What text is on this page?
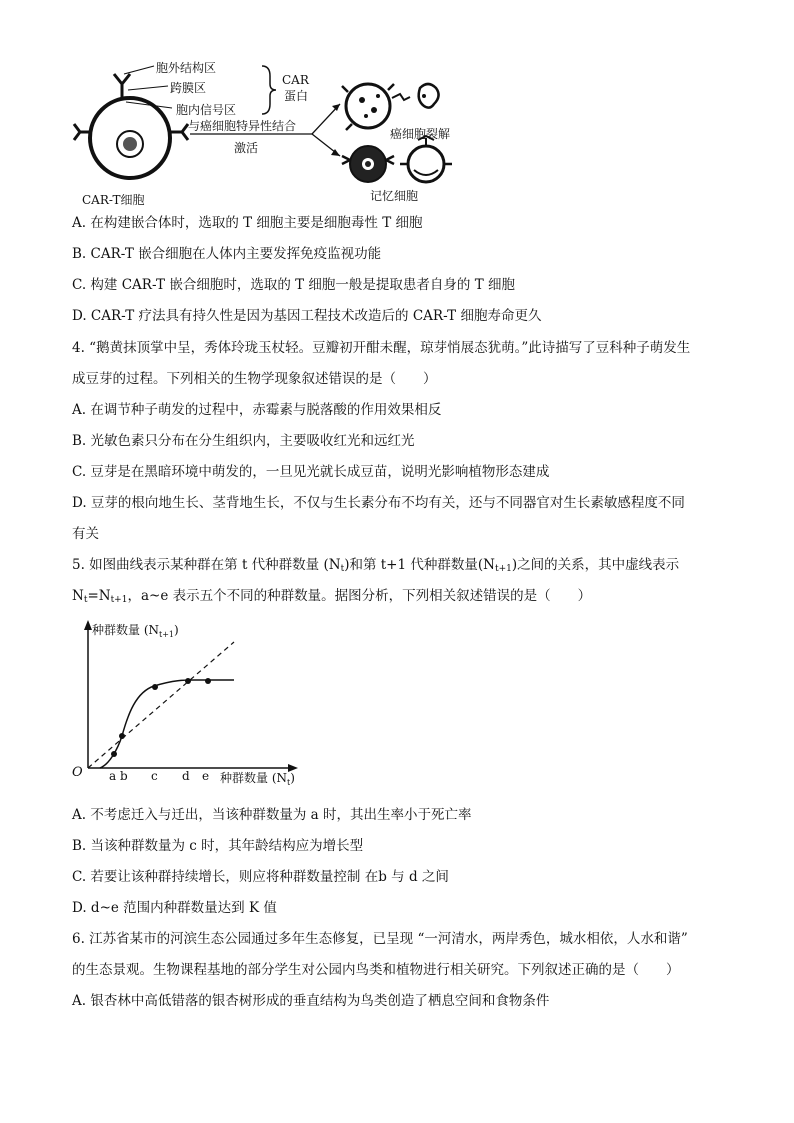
胞外结构区
跨膜区
胞内信号区
CAR
蛋白
CAR-T细胞
与癌细胞特异性结合
激活
癌细胞裂解
记忆细胞
A. 在构建嵌合体时，选取的 T 细胞主要是细胞毒性 T 细胞
B. CAR-T 嵌合细胞在人体内主要发挥免疫监视功能
C. 构建 CAR-T 嵌合细胞时，选取的 T 细胞一般是提取患者自身的 T 细胞
D. CAR-T 疗法具有持久性是因为基因工程技术改造后的 CAR-T 细胞寿命更久
4. “鹅黄抹顶掌中呈，秀体玲珑玉杖轻。豆瓣初开酣未醒，琼芽悄展态犹萌。”此诗描写了豆科种子萌发生
成豆芽的过程。下列相关的生物学现象叙述错误的是（　　）
A. 在调节种子萌发的过程中，赤霉素与脱落酸的作用效果相反
B. 光敏色素只分布在分生组织内，主要吸收红光和远红光
C. 豆芽是在黑暗环境中萌发的，一旦见光就长成豆苗，说明光影响植物形态建成
D. 豆芽的根向地生长、茎背地生长，不仅与生长素分布不均有关，还与不同器官对生长素敏感程度不同
有关
5. 如图曲线表示某种群在第 t 代种群数量 $(N_t)$和第 t+1 代种群数量$(N_{t+1})$之间的关系，其中虚线表示
$N_t=N_{t+1}$，a~e 表示五个不同的种群数量。据图分析，下列相关叙述错误的是（　　）
种群数量 $(N_{t+1})$
O a b c d e 种群数量 $(N_t)$
A. 不考虑迁入与迁出，当该种群数量为 a 时，其出生率小于死亡率
B. 当该种群数量为 c 时，其年龄结构应为增长型
C. 若要让该种群持续增长，则应将种群数量控制 在b 与 d 之间
D. d~e 范围内种群数量达到 K 值
6. 江苏省某市的河滨生态公园通过多年生态修复，已呈现 “一河清水，两岸秀色，城水相依，人水和谐”
的生态景观。生物课程基地的部分学生对公园内鸟类和植物进行相关研究。下列叙述正确的是（　　）
A. 银杏林中高低错落的银杏树形成的垂直结构为鸟类创造了栖息空间和食物条件
